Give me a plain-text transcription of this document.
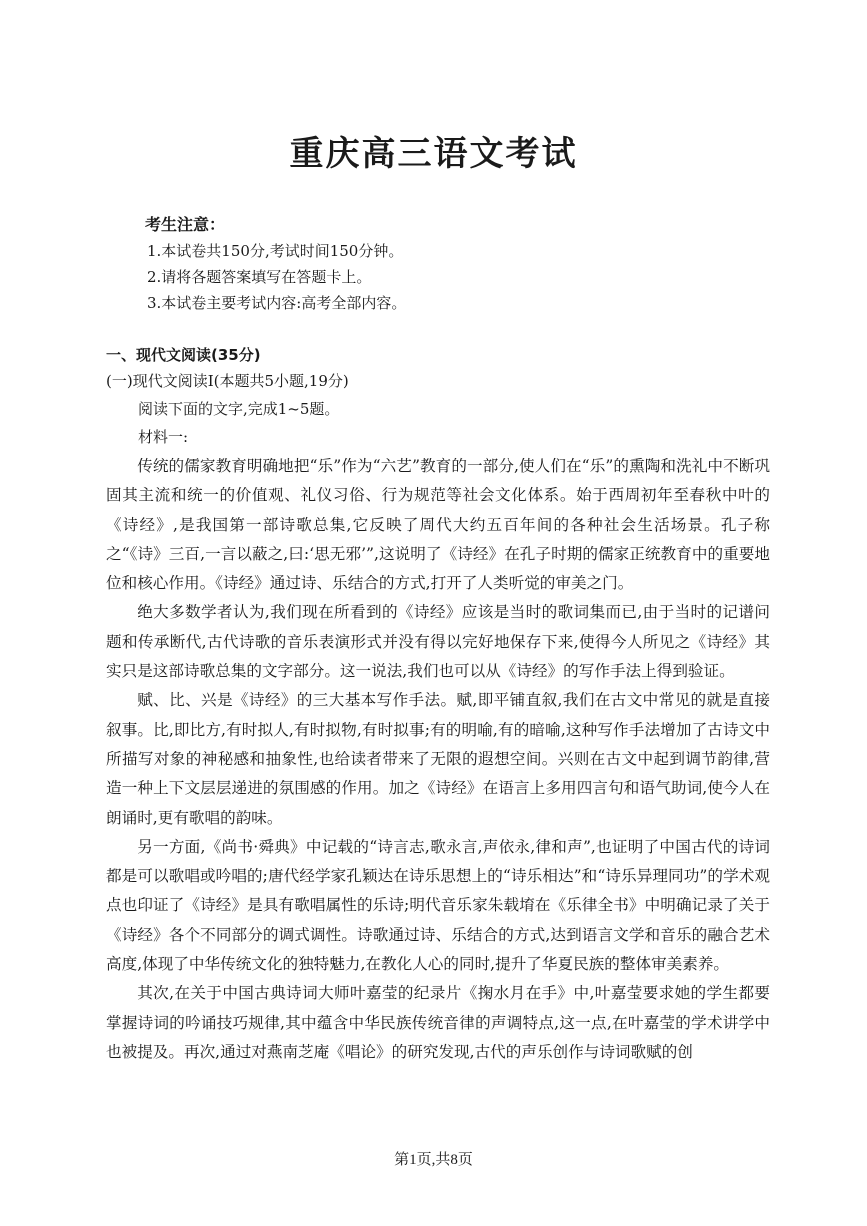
重庆高三语文考试
考生注意：
1.本试卷共150分,考试时间150分钟。
2.请将各题答案填写在答题卡上。
3.本试卷主要考试内容:高考全部内容。
一、现代文阅读(35分)
(一)现代文阅读Ⅰ(本题共5小题,19分)
阅读下面的文字,完成1~5题。
材料一:

传统的儒家教育明确地把“乐”作为“六艺”教育的一部分,使人们在“乐”的熏陶和洗礼中不断巩固其主流和统一的价值观、礼仪习俗、行为规范等社会文化体系。始于西周初年至春秋中叶的《诗经》,是我国第一部诗歌总集,它反映了周代大约五百年间的各种社会生活场景。孔子称之“《诗》三百,一言以蔽之,曰:‘思无邪’”,这说明了《诗经》在孔子时期的儒家正统教育中的重要地位和核心作用。《诗经》通过诗、乐结合的方式,打开了人类听觉的审美之门。

绝大多数学者认为,我们现在所看到的《诗经》应该是当时的歌词集而已,由于当时的记谱问题和传承断代,古代诗歌的音乐表演形式并没有得以完好地保存下来,使得今人所见之《诗经》其实只是这部诗歌总集的文字部分。这一说法,我们也可以从《诗经》的写作手法上得到验证。

赋、比、兴是《诗经》的三大基本写作手法。赋,即平铺直叙,我们在古文中常见的就是直接叙事。比,即比方,有时拟人,有时拟物,有时拟事;有的明喻,有的暗喻,这种写作手法增加了古诗文中所描写对象的神秘感和抽象性,也给读者带来了无限的遐想空间。兴则在古文中起到调节韵律,营造一种上下文层层递进的氛围感的作用。加之《诗经》在语言上多用四言句和语气助词,使今人在朗诵时,更有歌唱的韵味。

另一方面,《尚书·舜典》中记载的“诗言志,歌永言,声依永,律和声”,也证明了中国古代的诗词都是可以歌唱或吟唱的;唐代经学家孔颖达在诗乐思想上的“诗乐相达”和“诗乐异理同功”的学术观点也印证了《诗经》是具有歌唱属性的乐诗;明代音乐家朱载堉在《乐律全书》中明确记录了关于《诗经》各个不同部分的调式调性。诗歌通过诗、乐结合的方式,达到语言文学和音乐的融合艺术高度,体现了中华传统文化的独特魅力,在教化人心的同时,提升了华夏民族的整体审美素养。

其次,在关于中国古典诗词大师叶嘉莹的纪录片《掬水月在手》中,叶嘉莹要求她的学生都要掌握诗词的吟诵技巧规律,其中蕴含中华民族传统音律的声调特点,这一点,在叶嘉莹的学术讲学中也被提及。再次,通过对燕南芝庵《唱论》的研究发现,古代的声乐创作与诗词歌赋的创

第1页,共8页
